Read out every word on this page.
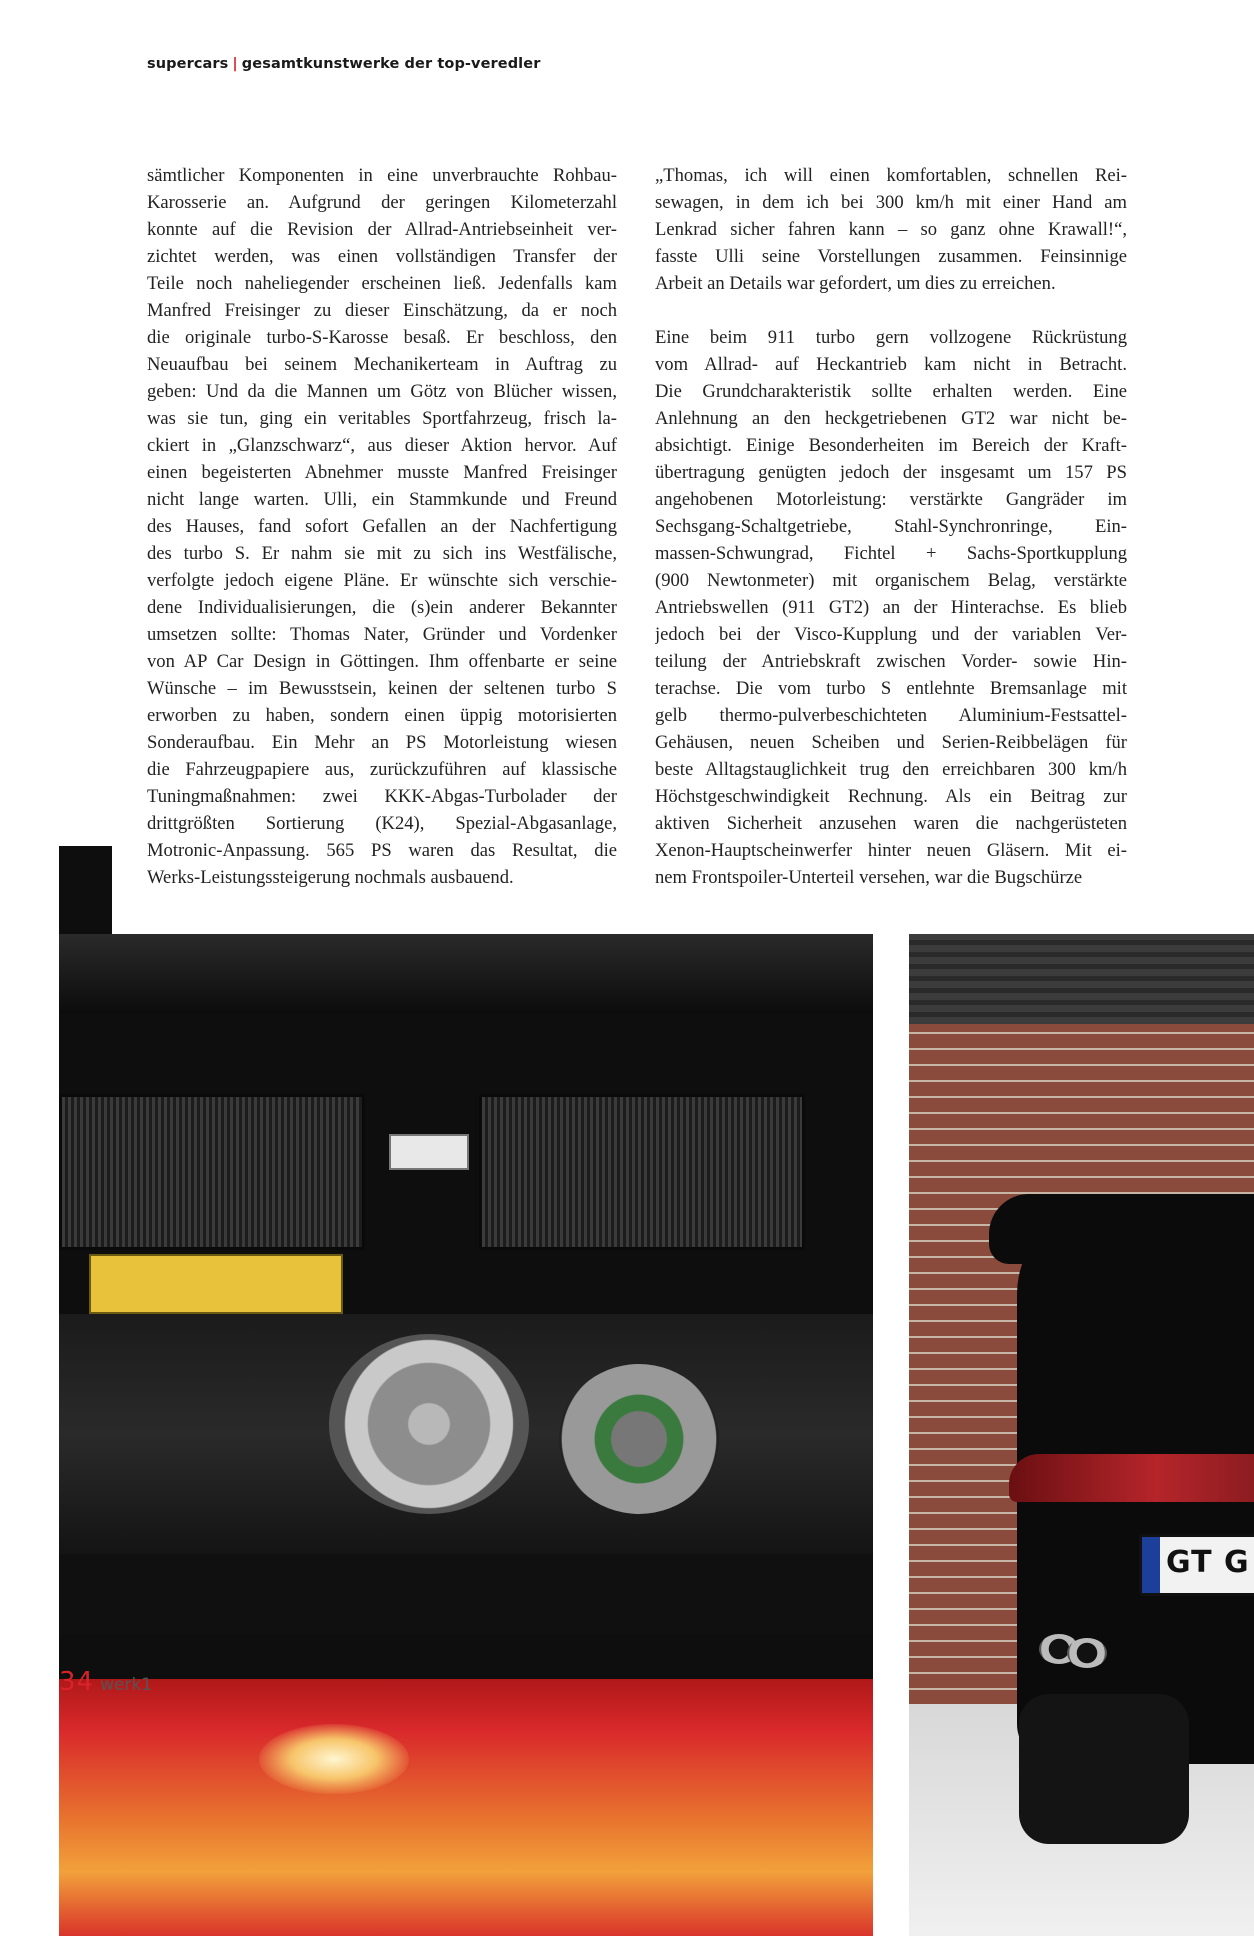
supercars | gesamtkunstwerke der top-veredler
sämtlicher Komponenten in eine unverbrauchte Rohbau-
Karosserie an. Aufgrund der geringen Kilometerzahl
konnte auf die Revision der Allrad-Antriebseinheit ver-
zichtet werden, was einen vollständigen Transfer der
Teile noch naheliegender erscheinen ließ. Jedenfalls kam
Manfred Freisinger zu dieser Einschätzung, da er noch
die originale turbo-S-Karosse besaß. Er beschloss, den
Neuaufbau bei seinem Mechanikerteam in Auftrag zu
geben: Und da die Mannen um Götz von Blücher wissen,
was sie tun, ging ein veritables Sportfahrzeug, frisch la-
ckiert in „Glanzschwarz“, aus dieser Aktion hervor. Auf
einen begeisterten Abnehmer musste Manfred Freisinger
nicht lange warten. Ulli, ein Stammkunde und Freund
des Hauses, fand sofort Gefallen an der Nachfertigung
des turbo S. Er nahm sie mit zu sich ins Westfälische,
verfolgte jedoch eigene Pläne. Er wünschte sich verschie-
dene Individualisierungen, die (s)ein anderer Bekannter
umsetzen sollte: Thomas Nater, Gründer und Vordenker
von AP Car Design in Göttingen. Ihm offenbarte er seine
Wünsche – im Bewusstsein, keinen der seltenen turbo S
erworben zu haben, sondern einen üppig motorisierten
Sonderaufbau. Ein Mehr an PS Motorleistung wiesen
die Fahrzeugpapiere aus, zurückzuführen auf klassische
Tuningmaßnahmen: zwei KKK-Abgas-Turbolader der
drittgrößten Sortierung (K24), Spezial-Abgasanlage,
Motronic-Anpassung. 565 PS waren das Resultat, die
Werks-Leistungssteigerung nochmals ausbauend.
„Thomas, ich will einen komfortablen, schnellen Rei-
sewagen, in dem ich bei 300 km/h mit einer Hand am
Lenkrad sicher fahren kann – so ganz ohne Krawall!“,
fasste Ulli seine Vorstellungen zusammen. Feinsinnige
Arbeit an Details war gefordert, um dies zu erreichen.
Eine beim 911 turbo gern vollzogene Rückrüstung
vom Allrad- auf Heckantrieb kam nicht in Betracht.
Die Grundcharakteristik sollte erhalten werden. Eine
Anlehnung an den heckgetriebenen GT2 war nicht be-
absichtigt. Einige Besonderheiten im Bereich der Kraft-
übertragung genügten jedoch der insgesamt um 157 PS
angehobenen Motorleistung: verstärkte Gangräder im
Sechsgang-Schaltgetriebe, Stahl-Synchronringe, Ein-
massen-Schwungrad, Fichtel + Sachs-Sportkupplung
(900 Newtonmeter) mit organischem Belag, verstärkte
Antriebswellen (911 GT2) an der Hinterachse. Es blieb
jedoch bei der Visco-Kupplung und der variablen Ver-
teilung der Antriebskraft zwischen Vorder- sowie Hin-
terachse. Die vom turbo S entlehnte Bremsanlage mit
gelb thermo-pulverbeschichteten Aluminium-Festsattel-
Gehäusen, neuen Scheiben und Serien-Reibbelägen für
beste Alltagstauglichkeit trug den erreichbaren 300 km/h
Höchstgeschwindigkeit Rechnung. Als ein Beitrag zur
aktiven Sicherheit anzusehen waren die nachgerüsteten
Xenon-Hauptscheinwerfer hinter neuen Gläsern. Mit ei-
nem Frontspoiler-Unterteil versehen, war die Bugschürze
GT G
34 werk1
